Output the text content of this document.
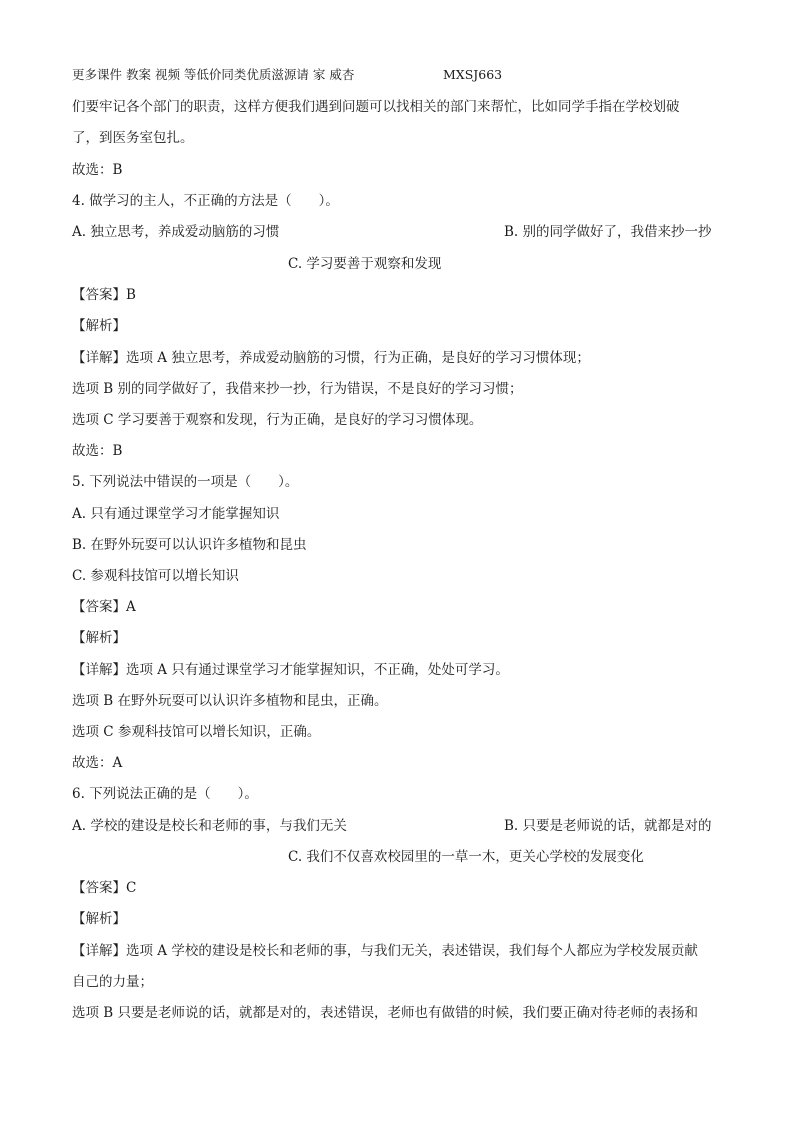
更多课件 教案 视频 等低价同类优质滋源请 家 威杏	MXSJ663
们要牢记各个部门的职责，这样方便我们遇到问题可以找相关的部门来帮忙，比如同学手指在学校划破
了，到医务室包扎。
故选：B
4. 做学习的主人，不正确的方法是（　　）。
A. 独立思考，养成爱动脑筋的习惯	B. 别的同学做好了，我借来抄一抄
C. 学习要善于观察和发现
【答案】B
【解析】
【详解】选项 A 独立思考，养成爱动脑筋的习惯，行为正确，是良好的学习习惯体现；
选项 B 别的同学做好了，我借来抄一抄，行为错误，不是良好的学习习惯；
选项 C 学习要善于观察和发现，行为正确，是良好的学习习惯体现。
故选：B
5. 下列说法中错误的一项是（　　）。
A. 只有通过课堂学习才能掌握知识
B. 在野外玩耍可以认识许多植物和昆虫
C. 参观科技馆可以增长知识
【答案】A
【解析】
【详解】选项 A 只有通过课堂学习才能掌握知识，不正确，处处可学习。
选项 B 在野外玩耍可以认识许多植物和昆虫，正确。
选项 C 参观科技馆可以增长知识，正确。
故选：A
6. 下列说法正确的是（　　）。
A. 学校的建设是校长和老师的事，与我们无关	B. 只要是老师说的话，就都是对的
C. 我们不仅喜欢校园里的一草一木，更关心学校的发展变化
【答案】C
【解析】
【详解】选项 A 学校的建设是校长和老师的事，与我们无关，表述错误，我们每个人都应为学校发展贡献
自己的力量；
选项 B 只要是老师说的话，就都是对的，表述错误，老师也有做错的时候，我们要正确对待老师的表扬和
